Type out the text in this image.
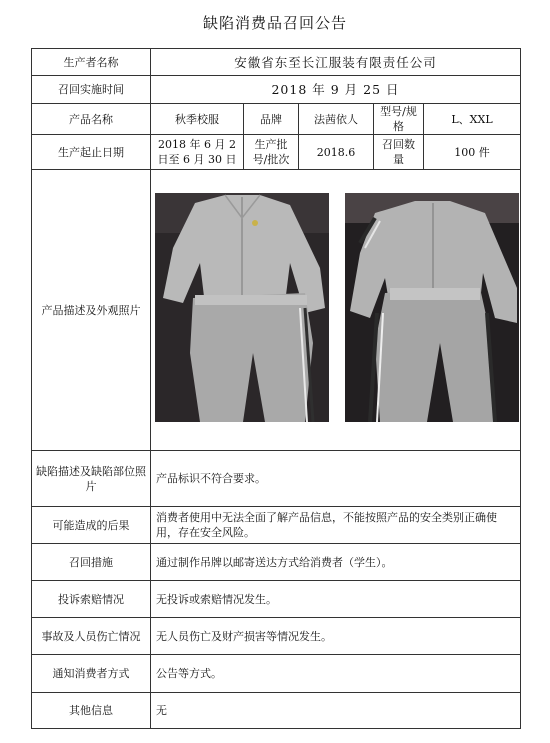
缺陷消费品召回公告
生产者名称	安徽省东至长江服装有限责任公司				
召回实施时间	2018 年 9 月 25 日				
产品名称	秋季校服	品牌	法茜依人	型号/规格	L、XXL
生产起止日期	2018 年 6 月 2 日至 6 月 30 日	生产批号/批次	2018.6	召回数量	100 件
产品描述及外观照片	

缺陷描述及缺陷部位照片	产品标识不符合要求。				
可能造成的后果	消费者使用中无法全面了解产品信息，不能按照产品的安全类别正确使用，存在安全风险。				
召回措施	通过制作吊牌以邮寄送达方式给消费者（学生）。				
投诉索赔情况	无投诉或索赔情况发生。				
事故及人员伤亡情况	无人员伤亡及财产损害等情况发生。				
通知消费者方式	公告等方式。				
其他信息	无				
